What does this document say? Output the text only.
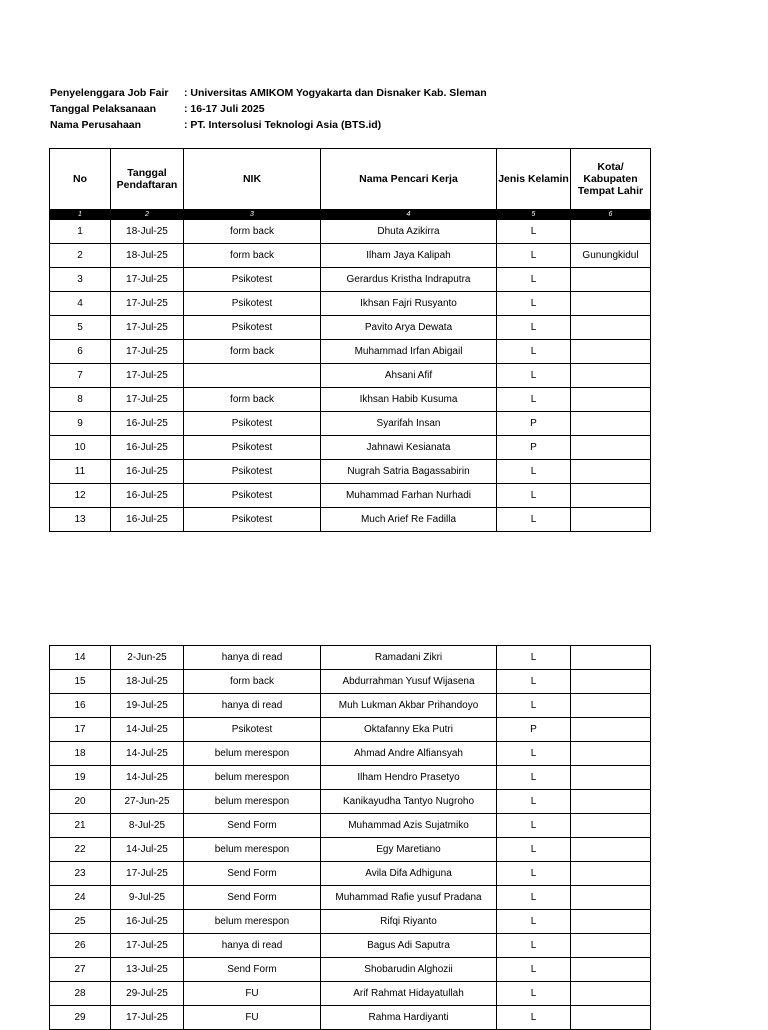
Penyelenggara Job Fair	: Universitas AMIKOM Yogyakarta dan Disnaker Kab. Sleman
Tanggal Pelaksanaan	: 16-17 Juli 2025
Nama Perusahaan	: PT. Intersolusi Teknologi Asia (BTS.id)
No	Tanggal Pendaftaran	NIK	Nama Pencari Kerja	Jenis Kelamin	Kota/ Kabupaten Tempat Lahir
1	2	3	4	5	6
1	18-Jul-25	form back	Dhuta Azikirra	L	
2	18-Jul-25	form back	Ilham Jaya Kalipah	L	Gunungkidul
3	17-Jul-25	Psikotest	Gerardus Kristha Indraputra	L	
4	17-Jul-25	Psikotest	Ikhsan Fajri Rusyanto	L	
5	17-Jul-25	Psikotest	Pavito Arya Dewata	L	
6	17-Jul-25	form back	Muhammad Irfan Abigail	L	
7	17-Jul-25		Ahsani Afif	L	
8	17-Jul-25	form back	Ikhsan Habib Kusuma	L	
9	16-Jul-25	Psikotest	Syarifah Insan	P	
10	16-Jul-25	Psikotest	Jahnawi Kesianata	P	
11	16-Jul-25	Psikotest	Nugrah Satria Bagassabirin	L	
12	16-Jul-25	Psikotest	Muhammad Farhan Nurhadi	L	
13	16-Jul-25	Psikotest	Much Arief Re Fadilla	L	
14	2-Jun-25	hanya di read	Ramadani Zikri	L	
15	18-Jul-25	form back	Abdurrahman Yusuf Wijasena	L	
16	19-Jul-25	hanya di read	Muh Lukman Akbar Prihandoyo	L	
17	14-Jul-25	Psikotest	Oktafanny Eka Putri	P	
18	14-Jul-25	belum merespon	Ahmad Andre Alfiansyah	L	
19	14-Jul-25	belum merespon	Ilham Hendro Prasetyo	L	
20	27-Jun-25	belum merespon	Kanikayudha Tantyo Nugroho	L	
21	8-Jul-25	Send Form	Muhammad Azis Sujatmiko	L	
22	14-Jul-25	belum merespon	Egy Maretiano	L	
23	17-Jul-25	Send Form	Avila Difa Adhiguna	L	
24	9-Jul-25	Send Form	Muhammad Rafie yusuf Pradana	L	
25	16-Jul-25	belum merespon	Rifqi Riyanto	L	
26	17-Jul-25	hanya di read	Bagus Adi Saputra	L	
27	13-Jul-25	Send Form	Shobarudin Alghozii	L	
28	29-Jul-25	FU	Arif Rahmat Hidayatullah	L	
29	17-Jul-25	FU	Rahma Hardiyanti	L	
